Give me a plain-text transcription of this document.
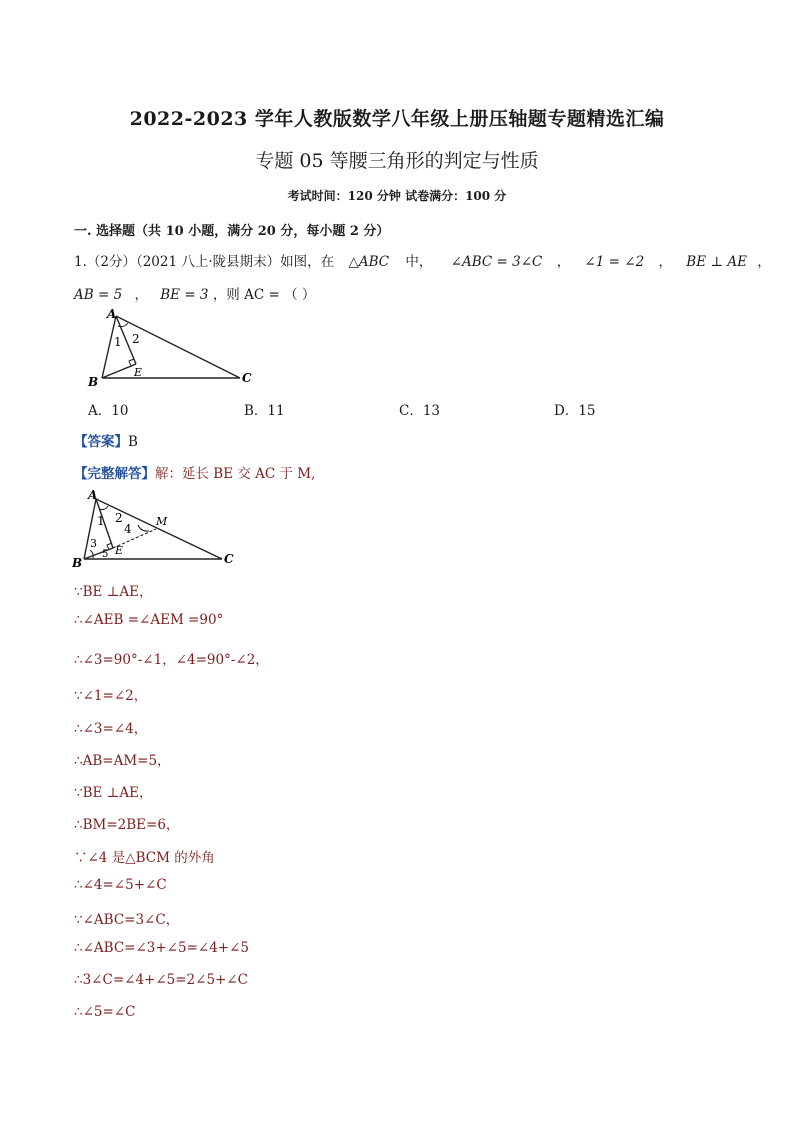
2022-2023 学年人教版数学八年级上册压轴题专题精选汇编
专题 05 等腰三角形的判定与性质
考试时间：120 分钟 试卷满分：100 分
一. 选择题（共 10 小题，满分 20 分，每小题 2 分）
1.（2分）（2021 八上·陇县期末）如图，在 △ABC 中， ∠ABC = 3∠C ， ∠1 = ∠2 ， BE ⊥ AE ，
AB = 5 ， BE = 3 ，则 AC = （ ）
A
B	C
E
1 2
A．10	B．11	C．13	D．15
【答案】B
【完整解答】解：延长 BE 交 AC 于 M,
A
B	C
E
M
1 2
3
4
5
∵BE ⊥AE，
∴∠AEB =∠AEM =90°
∴∠3=90°-∠1，∠4=90°-∠2，
∵∠1=∠2，
∴∠3=∠4，
∴AB=AM=5，
∵BE ⊥AE，
∴BM=2BE=6，
∵∠4 是△BCM 的外角
∴∠4=∠5+∠C
∵∠ABC=3∠C，
∴∠ABC=∠3+∠5=∠4+∠5
∴3∠C=∠4+∠5=2∠5+∠C
∴∠5=∠C
